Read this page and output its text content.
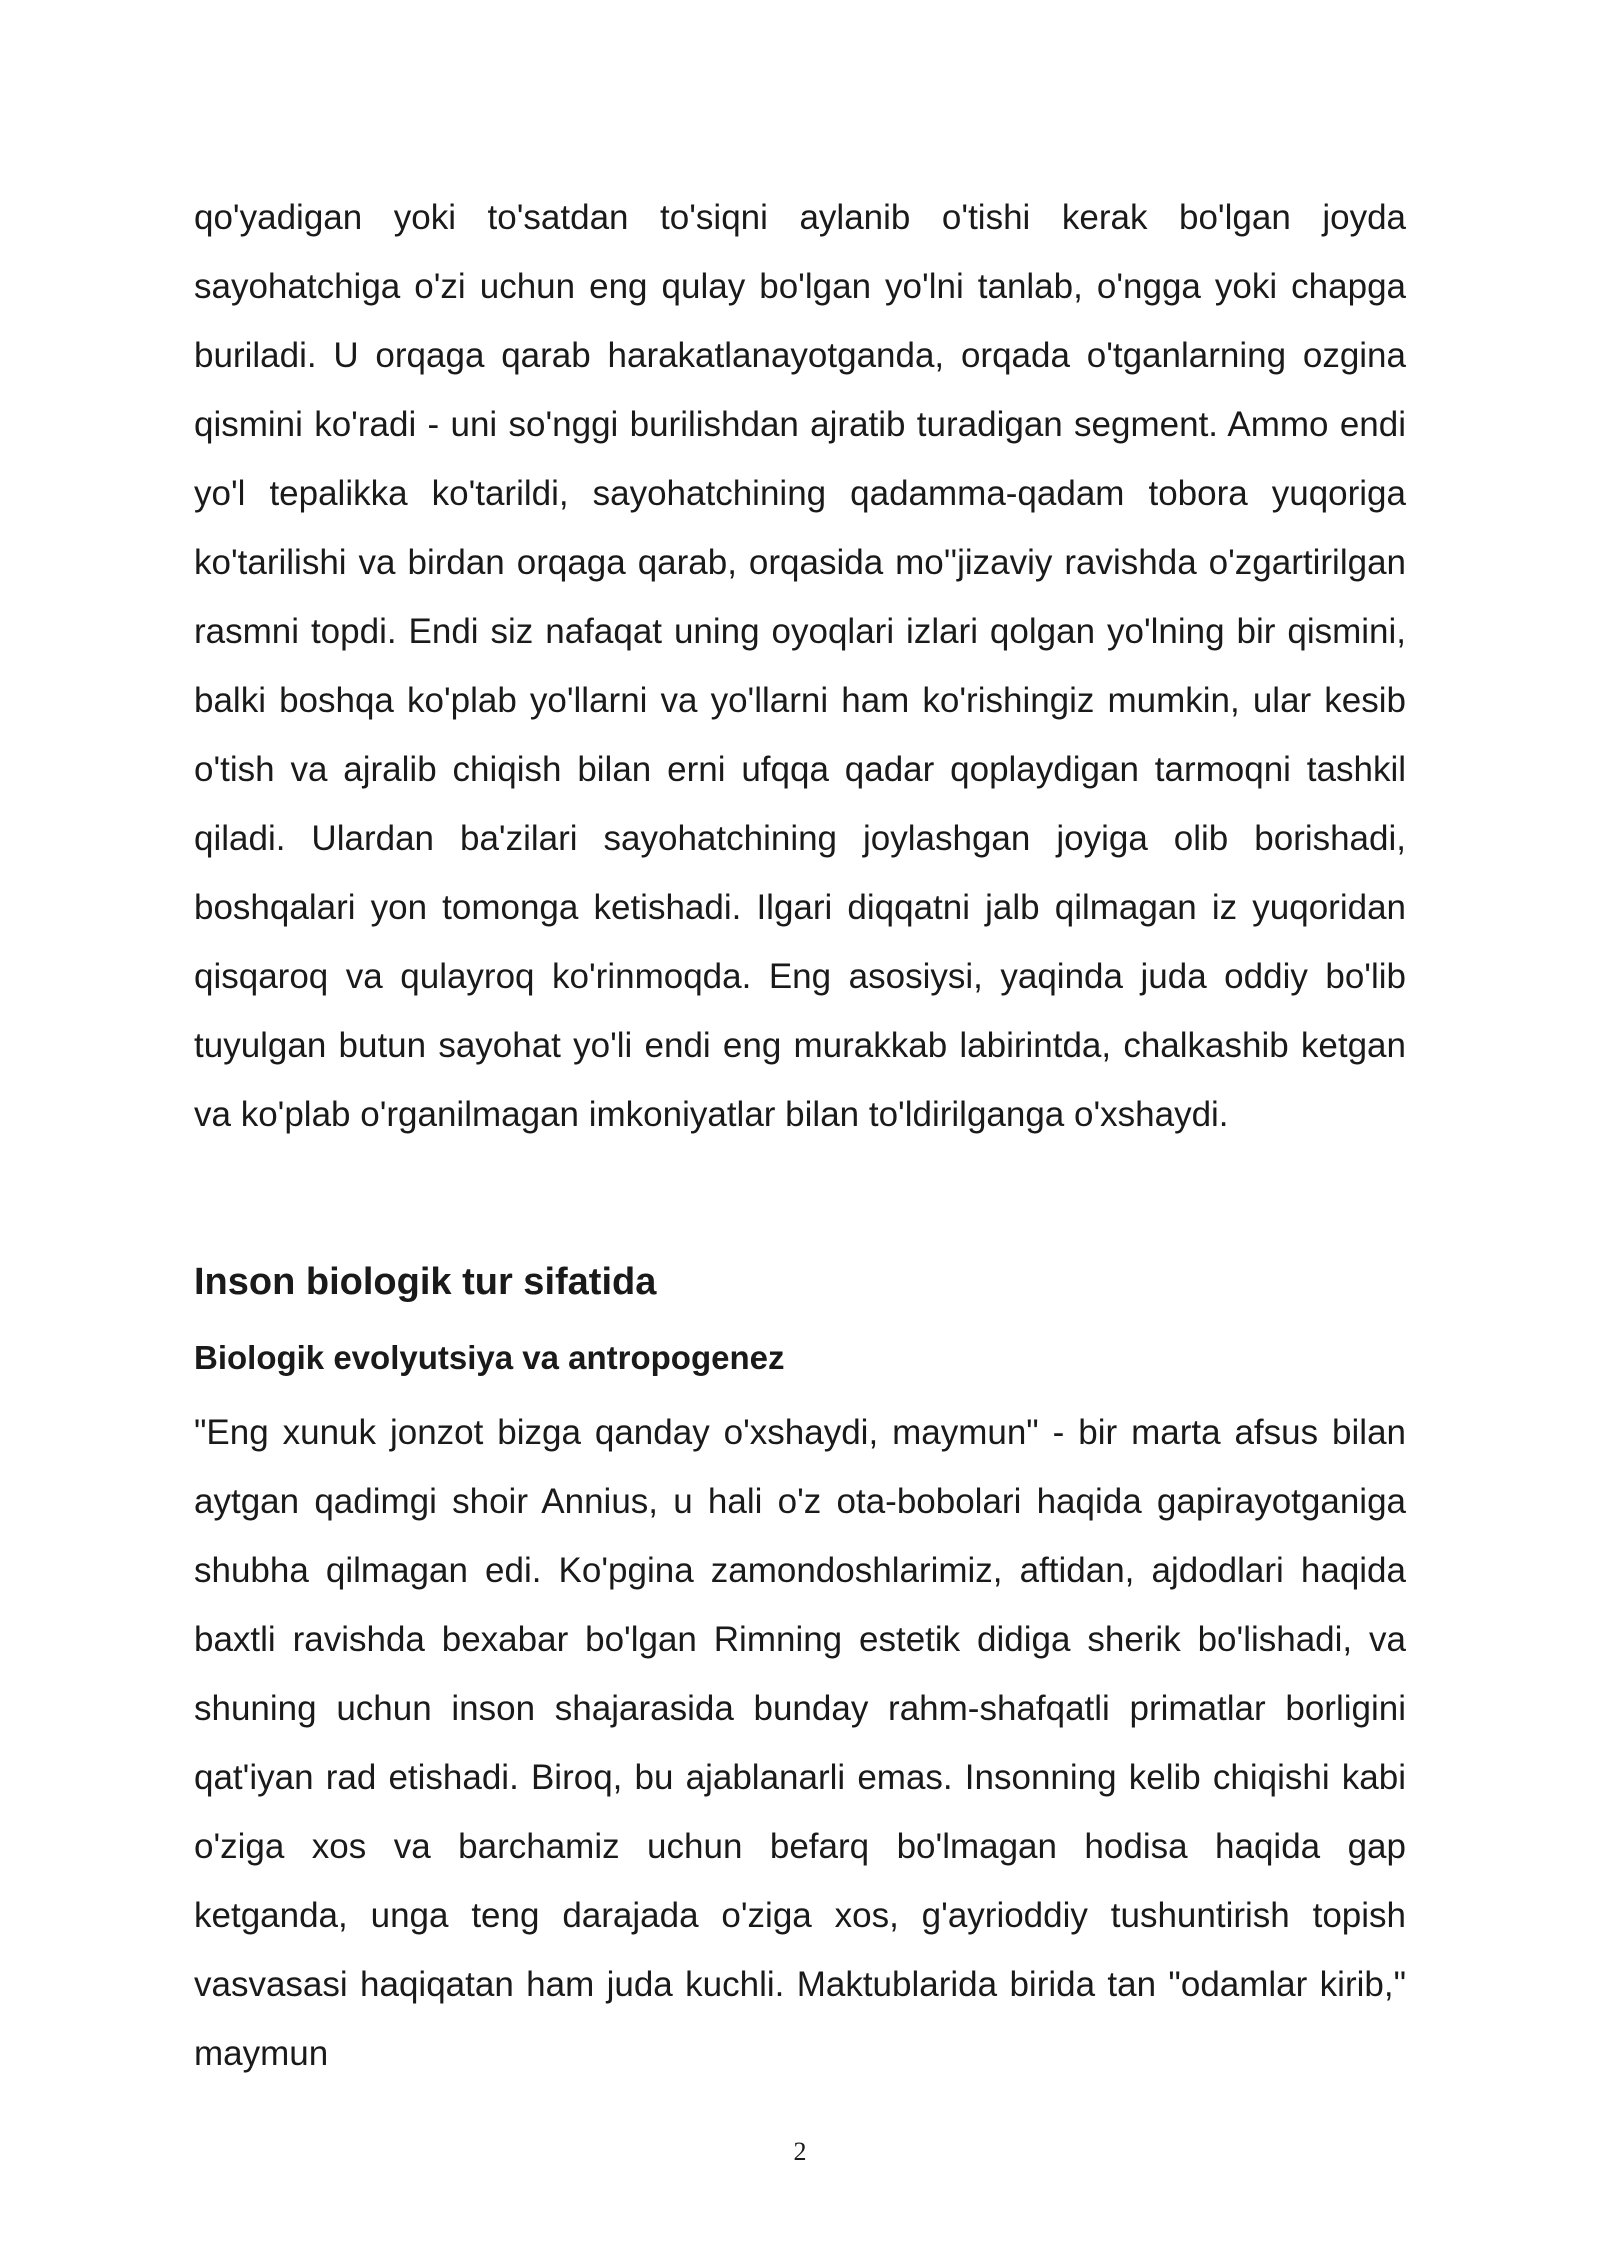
qo'yadigan yoki to'satdan to'siqni aylanib o'tishi kerak bo'lgan joyda sayohatchiga o'zi uchun eng qulay bo'lgan yo'lni tanlab, o'ngga yoki chapga buriladi. U orqaga qarab harakatlanayotganda, orqada o'tganlarning ozgina qismini ko'radi - uni so'nggi burilishdan ajratib turadigan segment. Ammo endi yo'l tepalikka ko'tarildi, sayohatchining qadamma-qadam tobora yuqoriga ko'tarilishi va birdan orqaga qarab, orqasida mo''jizaviy ravishda o'zgartirilgan rasmni topdi. Endi siz nafaqat uning oyoqlari izlari qolgan yo'lning bir qismini, balki boshqa ko'plab yo'llarni va yo'llarni ham ko'rishingiz mumkin, ular kesib o'tish va ajralib chiqish bilan erni ufqqa qadar qoplaydigan tarmoqni tashkil qiladi. Ulardan ba'zilari sayohatchining joylashgan joyiga olib borishadi, boshqalari yon tomonga ketishadi. Ilgari diqqatni jalb qilmagan iz yuqoridan qisqaroq va qulayroq ko'rinmoqda. Eng asosiysi, yaqinda juda oddiy bo'lib tuyulgan butun sayohat yo'li endi eng murakkab labirintda, chalkashib ketgan va ko'plab o'rganilmagan imkoniyatlar bilan to'ldirilganga o'xshaydi.

Inson biologik tur sifatida
Biologik evolyutsiya va antropogenez

"Eng xunuk jonzot bizga qanday o'xshaydi, maymun" - bir marta afsus bilan aytgan qadimgi shoir Annius, u hali o'z ota-bobolari haqida gapirayotganiga shubha qilmagan edi. Ko'pgina zamondoshlarimiz, aftidan, ajdodlari haqida baxtli ravishda bexabar bo'lgan Rimning estetik didiga sherik bo'lishadi, va shuning uchun inson shajarasida bunday rahm-shafqatli primatlar borligini qat'iyan rad etishadi. Biroq, bu ajablanarli emas. Insonning kelib chiqishi kabi o'ziga xos va barchamiz uchun befarq bo'lmagan hodisa haqida gap ketganda, unga teng darajada o'ziga xos, g'ayrioddiy tushuntirish topish vasvasasi haqiqatan ham juda kuchli. Maktublarida birida tan "odamlar kirib," maymun

2
